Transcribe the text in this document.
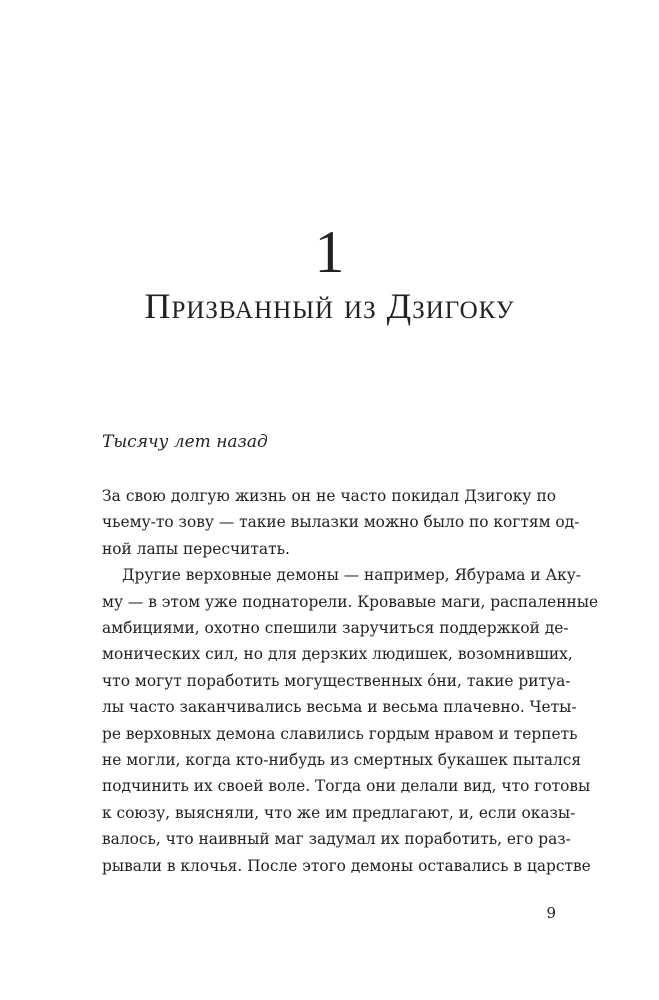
1
Призванный из Дзигоку
Тысячу лет назад

За свою долгую жизнь он не часто покидал Дзигоку по
чьему-то зову — такие вылазки можно было по когтям од-
ной лапы пересчитать.

Другие верховные демоны — например, Ябурама и Аку-
му — в этом уже поднаторели. Кровавые маги, распаленные
амбициями, охотно спешили заручиться поддержкой де-
монических сил, но для дерзких людишек, возомнивших,
что могут поработить могущественных óни, такие ритуа-
лы часто заканчивались весьма и весьма плачевно. Четы-
ре верховных демона славились гордым нравом и терпеть
не могли, когда кто-нибудь из смертных букашек пытался
подчинить их своей воле. Тогда они делали вид, что готовы
к союзу, выясняли, что же им предлагают, и, если оказы-
валось, что наивный маг задумал их поработить, его раз-
рывали в клочья. После этого демоны оставались в царстве

9
